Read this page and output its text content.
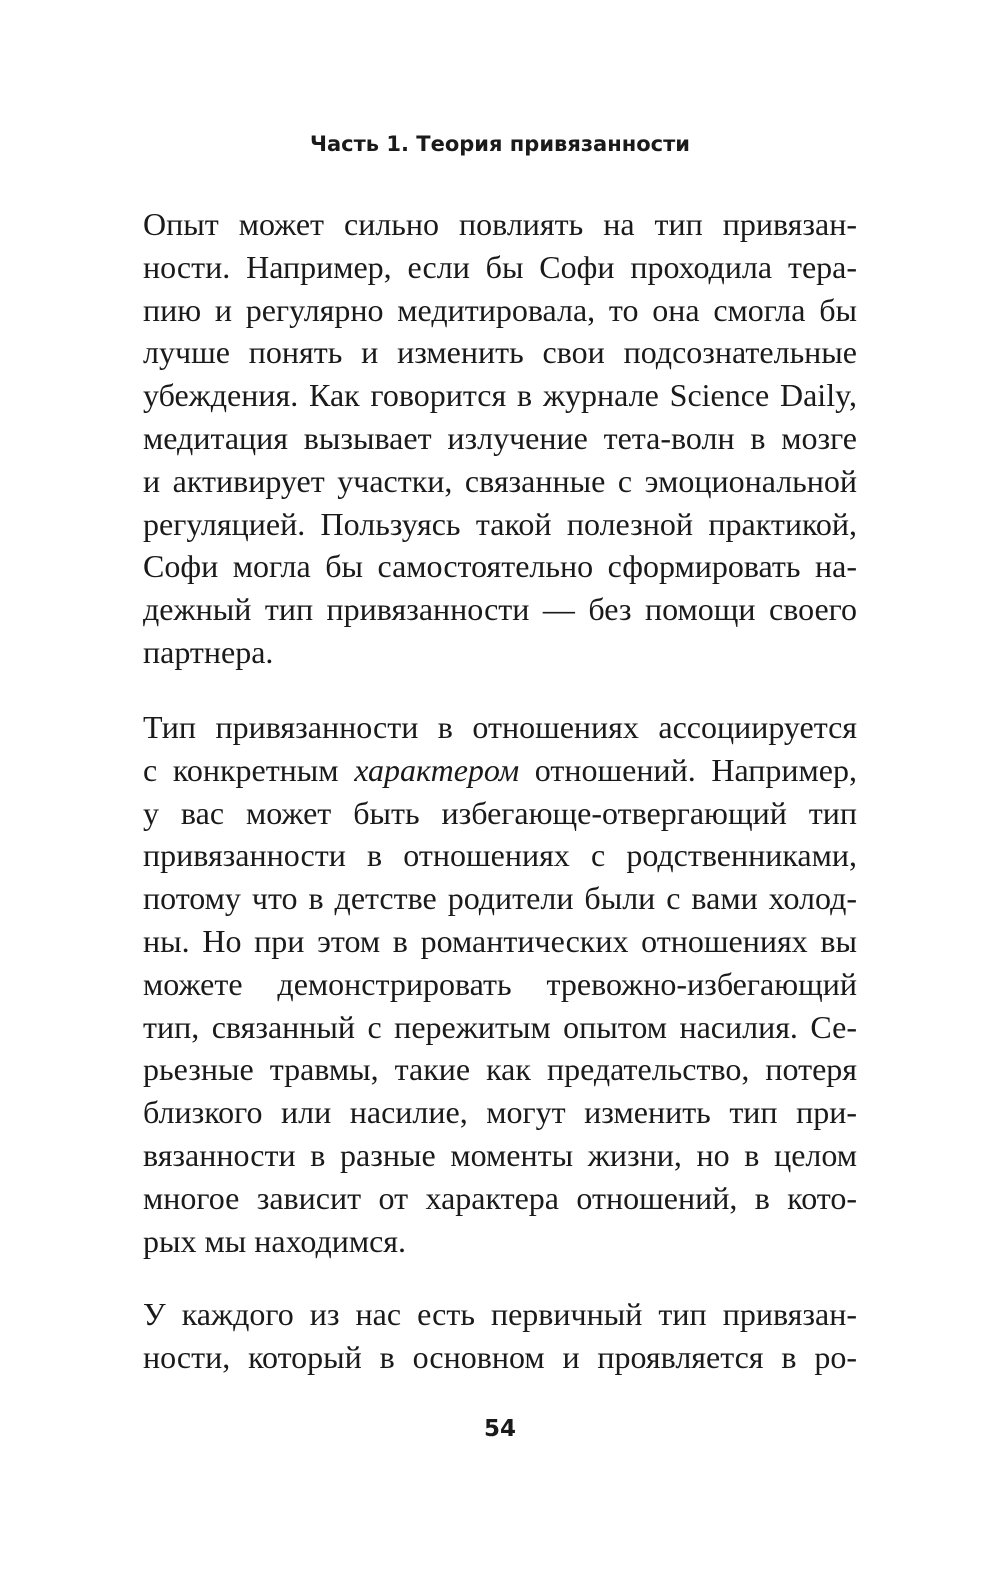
Часть 1. Теория привязанности
Опыт может сильно повлиять на тип привязан-
ности. Например, если бы Софи проходила тера-
пию и регулярно медитировала, то она смогла бы
лучше понять и изменить свои подсознательные
убеждения. Как говорится в журнале Science Daily,
медитация вызывает излучение тета-волн в мозге
и активирует участки, связанные с эмоциональной
регуляцией. Пользуясь такой полезной практикой,
Софи могла бы самостоятельно сформировать на-
дежный тип привязанности — без помощи своего
партнера.
Тип привязанности в отношениях ассоциируется
с конкретным характером отношений. Например,
у вас может быть избегающе-отвергающий тип
привязанности в отношениях с родственниками,
потому что в детстве родители были с вами холод-
ны. Но при этом в романтических отношениях вы
можете демонстрировать тревожно-избегающий
тип, связанный с пережитым опытом насилия. Се-
рьезные травмы, такие как предательство, потеря
близкого или насилие, могут изменить тип при-
вязанности в разные моменты жизни, но в целом
многое зависит от характера отношений, в кото-
рых мы находимся.
У каждого из нас есть первичный тип привязан-
ности, который в основном и проявляется в ро-
54
